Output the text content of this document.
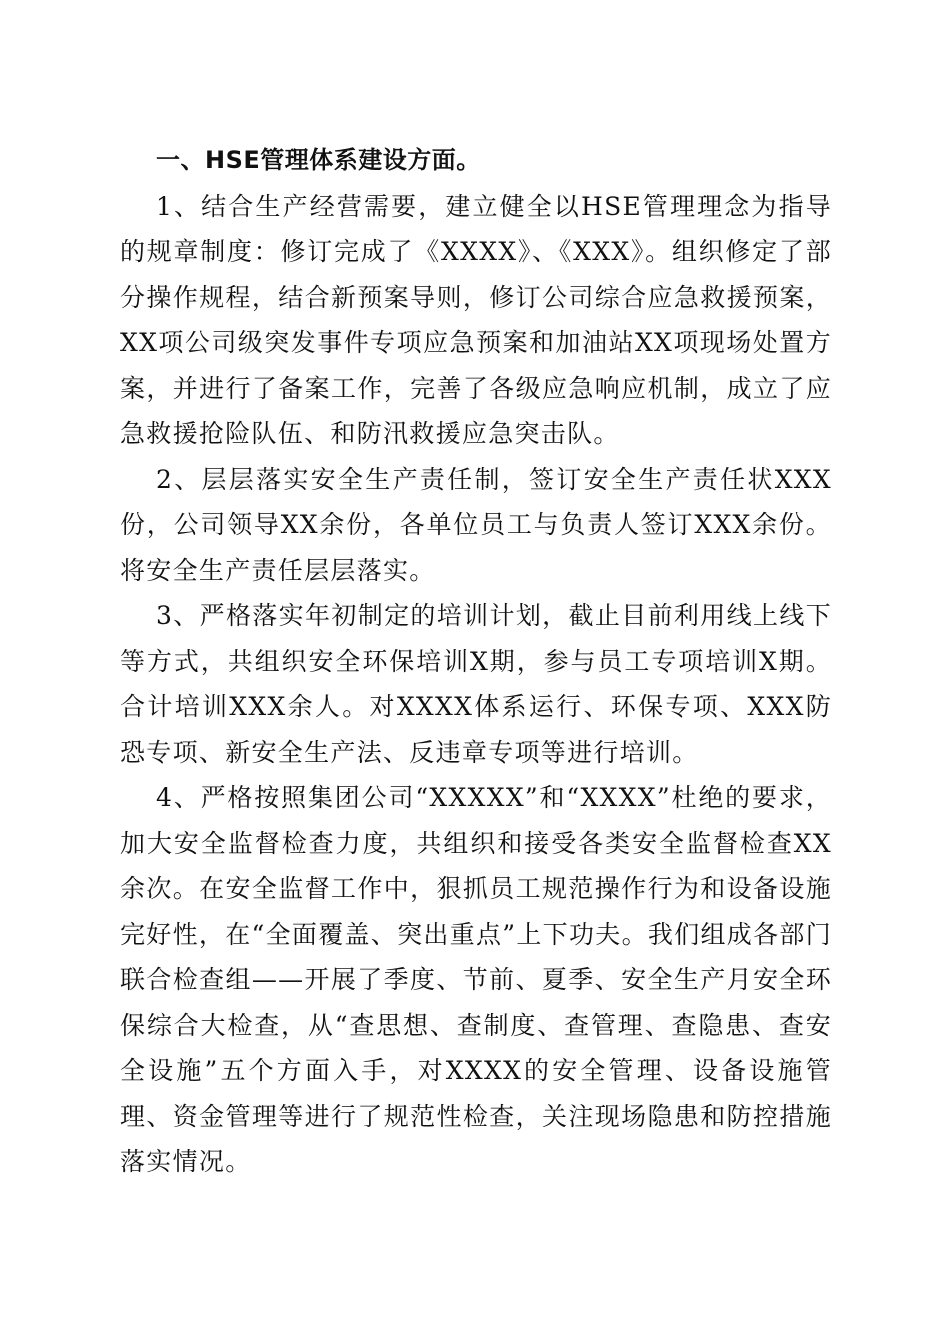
一、HSE管理体系建设方面。

1、结合生产经营需要，建立健全以HSE管理理念为指导的规章制度：修订完成了《XXXX》、《XXX》。组织修定了部分操作规程，结合新预案导则，修订公司综合应急救援预案，XX项公司级突发事件专项应急预案和加油站XX项现场处置方案，并进行了备案工作，完善了各级应急响应机制，成立了应急救援抢险队伍、和防汛救援应急突击队。

2、层层落实安全生产责任制，签订安全生产责任状XXX份，公司领导XX余份，各单位员工与负责人签订XXX余份。将安全生产责任层层落实。

3、严格落实年初制定的培训计划，截止目前利用线上线下等方式，共组织安全环保培训X期，参与员工专项培训X期。合计培训XXX余人。对XXXX体系运行、环保专项、XXX防恐专项、新安全生产法、反违章专项等进行培训。

4、严格按照集团公司“XXXXX”和“XXXX”杜绝的要求，加大安全监督检查力度，共组织和接受各类安全监督检查XX余次。在安全监督工作中，狠抓员工规范操作行为和设备设施完好性，在“全面覆盖、突出重点”上下功夫。我们组成各部门联合检查组——开展了季度、节前、夏季、安全生产月安全环保综合大检查，从“查思想、查制度、查管理、查隐患、查安全设施”五个方面入手，对XXXX的安全管理、设备设施管理、资金管理等进行了规范性检查，关注现场隐患和防控措施落实情况。
